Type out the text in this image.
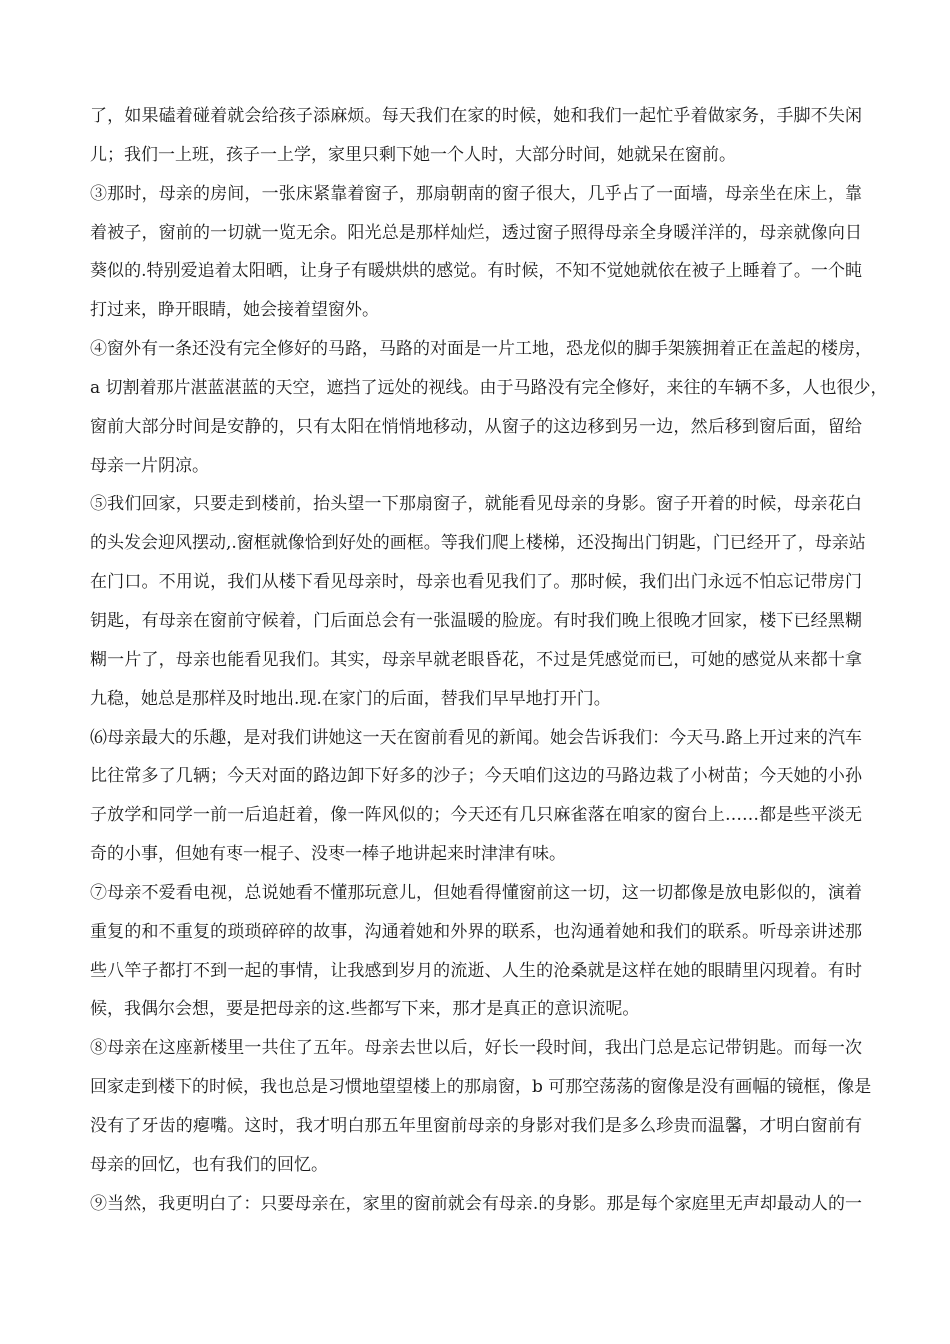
了，如果磕着碰着就会给孩子添麻烦。每天我们在家的时候，她和我们一起忙乎着做家务，手脚不失闲
儿；我们一上班，孩子一上学，家里只剩下她一个人时，大部分时间，她就呆在窗前。
③那时，母亲的房间，一张床紧靠着窗子，那扇朝南的窗子很大，几乎占了一面墙，母亲坐在床上，靠
着被子，窗前的一切就一览无余。阳光总是那样灿烂，透过窗子照得母亲全身暖洋洋的，母亲就像向日
葵似的.特别爱追着太阳晒，让身子有暖烘烘的感觉。有时候，不知不觉她就依在被子上睡着了。一个盹
打过来，睁开眼睛，她会接着望窗外。
④窗外有一条还没有完全修好的马路，马路的对面是一片工地，恐龙似的脚手架簇拥着正在盖起的楼房，
a 切割着那片湛蓝湛蓝的天空，遮挡了远处的视线。由于马路没有完全修好，来往的车辆不多，人也很少，
窗前大部分时间是安静的，只有太阳在悄悄地移动，从窗子的这边移到另一边，然后移到窗后面，留给
母亲一片阴凉。
⑤我们回家，只要走到楼前，抬头望一下那扇窗子，就能看见母亲的身影。窗子开着的时候，母亲花白
的头发会迎风摆动,.窗框就像恰到好处的画框。等我们爬上楼梯，还没掏出门钥匙，门已经开了，母亲站
在门口。不用说，我们从楼下看见母亲时，母亲也看见我们了。那时候，我们出门永远不怕忘记带房门
钥匙，有母亲在窗前守候着，门后面总会有一张温暖的脸庞。有时我们晚上很晚才回家，楼下已经黑糊
糊一片了，母亲也能看见我们。其实，母亲早就老眼昏花，不过是凭感觉而已，可她的感觉从来都十拿
九稳，她总是那样及时地出.现.在家门的后面，替我们早早地打开门。
⑹母亲最大的乐趣，是对我们讲她这一天在窗前看见的新闻。她会告诉我们：今天马.路上开过来的汽车
比往常多了几辆；今天对面的路边卸下好多的沙子；今天咱们这边的马路边栽了小树苗；今天她的小孙
子放学和同学一前一后追赶着，像一阵风似的；今天还有几只麻雀落在咱家的窗台上……都是些平淡无
奇的小事，但她有枣一棍子、没枣一棒子地讲起来时津津有味。
⑦母亲不爱看电视，总说她看不懂那玩意儿，但她看得懂窗前这一切，这一切都像是放电影似的，演着
重复的和不重复的琐琐碎碎的故事，沟通着她和外界的联系，也沟通着她和我们的联系。听母亲讲述那
些八竿子都打不到一起的事情，让我感到岁月的流逝、人生的沧桑就是这样在她的眼睛里闪现着。有时
候，我偶尔会想，要是把母亲的这.些都写下来，那才是真正的意识流呢。
⑧母亲在这座新楼里一共住了五年。母亲去世以后，好长一段时间，我出门总是忘记带钥匙。而每一次
回家走到楼下的时候，我也总是习惯地望望楼上的那扇窗，b 可那空荡荡的窗像是没有画幅的镜框，像是
没有了牙齿的瘪嘴。这时，我才明白那五年里窗前母亲的身影对我们是多么珍贵而温馨，才明白窗前有
母亲的回忆，也有我们的回忆。
⑨当然，我更明白了：只要母亲在，家里的窗前就会有母亲.的身影。那是每个家庭里无声却最动人的一
